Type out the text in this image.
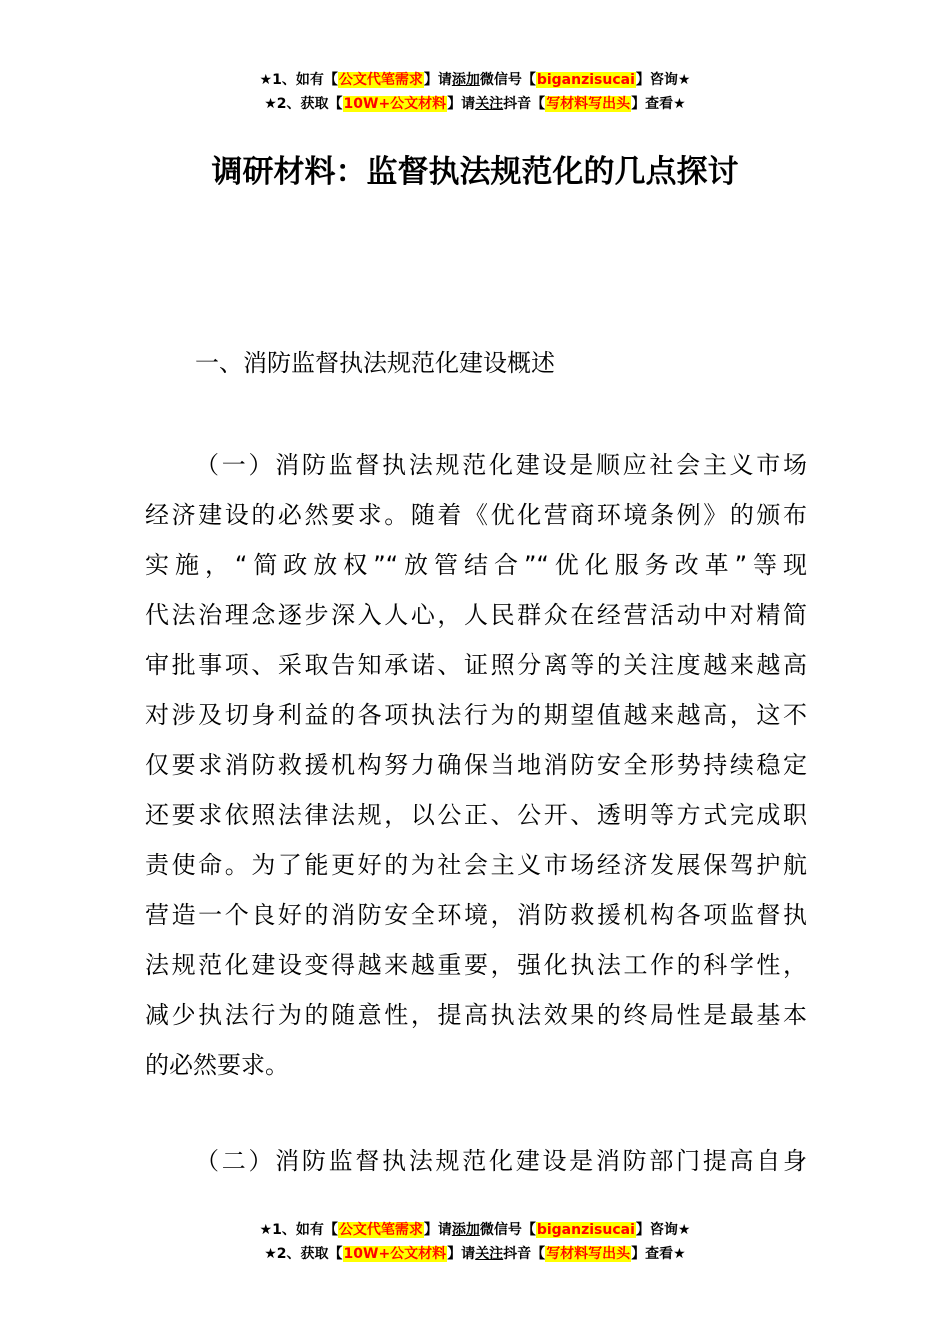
★1、如有【公文代笔需求】请添加微信号【biganzisucai】咨询★
★2、获取【10W+公文材料】请关注抖音【写材料写出头】查看★
调研材料：监督执法规范化的几点探讨
一、消防监督执法规范化建设概述
（一）消防监督执法规范化建设是顺应社会主义市场
经济建设的必然要求。随着《优化营商环境条例》的颁布
实施，“简政放权”“放管结合”“优化服务改革”等现
代法治理念逐步深入人心，人民群众在经营活动中对精简
审批事项、采取告知承诺、证照分离等的关注度越来越高
对涉及切身利益的各项执法行为的期望值越来越高，这不
仅要求消防救援机构努力确保当地消防安全形势持续稳定
还要求依照法律法规，以公正、公开、透明等方式完成职
责使命。为了能更好的为社会主义市场经济发展保驾护航
营造一个良好的消防安全环境，消防救援机构各项监督执
法规范化建设变得越来越重要，强化执法工作的科学性，
减少执法行为的随意性，提高执法效果的终局性是最基本
的必然要求。
（二）消防监督执法规范化建设是消防部门提高自身
★1、如有【公文代笔需求】请添加微信号【biganzisucai】咨询★
★2、获取【10W+公文材料】请关注抖音【写材料写出头】查看★
